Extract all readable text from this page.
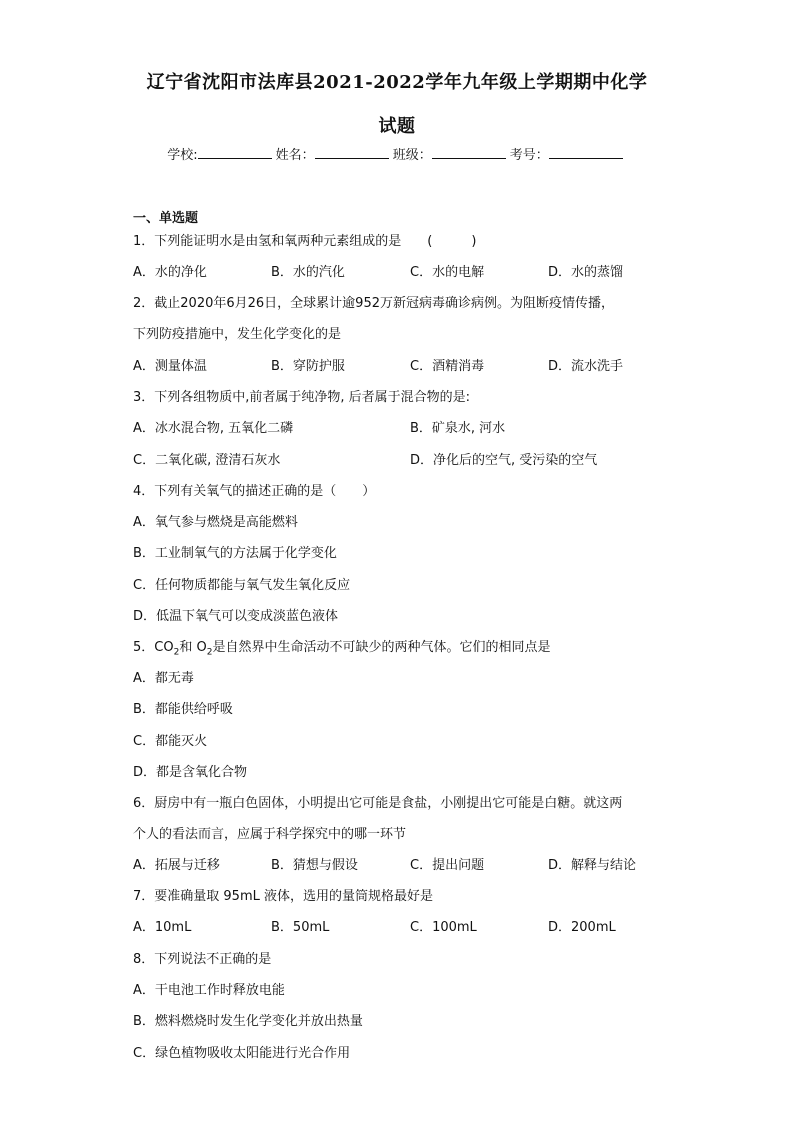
辽宁省沈阳市法库县2021-2022学年九年级上学期期中化学
试题
学校:	姓名：	班级：	考号：
一、单选题
1．下列能证明水是由氢和氧两种元素组成的是　　(　　　)
A．水的净化	B．水的汽化	C．水的电解	D．水的蒸馏
2．截止2020年6月26日，全球累计逾952万新冠病毒确诊病例。为阻断疫情传播，
下列防疫措施中，发生化学变化的是
A．测量体温	B．穿防护服	C．酒精消毒	D．流水洗手
3．下列各组物质中,前者属于纯净物, 后者属于混合物的是:
A．冰水混合物, 五氧化二磷	B．矿泉水, 河水
C．二氧化碳, 澄清石灰水	D．净化后的空气, 受污染的空气
4．下列有关氧气的描述正确的是（　　）
A．氧气参与燃烧是高能燃料
B．工业制氧气的方法属于化学变化
C．任何物质都能与氧气发生氧化反应
D．低温下氧气可以变成淡蓝色液体
5．$CO_2$和 $O_2$是自然界中生命活动不可缺少的两种气体。它们的相同点是
A．都无毒
B．都能供给呼吸
C．都能灭火
D．都是含氧化合物
6．厨房中有一瓶白色固体，小明提出它可能是食盐，小刚提出它可能是白糖。就这两
个人的看法而言，应属于科学探究中的哪一环节
A．拓展与迁移	B．猜想与假设	C．提出问题	D．解释与结论
7．要准确量取 95mL 液体，选用的量筒规格最好是
A．10mL	B．50mL	C．100mL	D．200mL
8．下列说法不正确的是
A．干电池工作时释放电能
B．燃料燃烧时发生化学变化并放出热量
C．绿色植物吸收太阳能进行光合作用
